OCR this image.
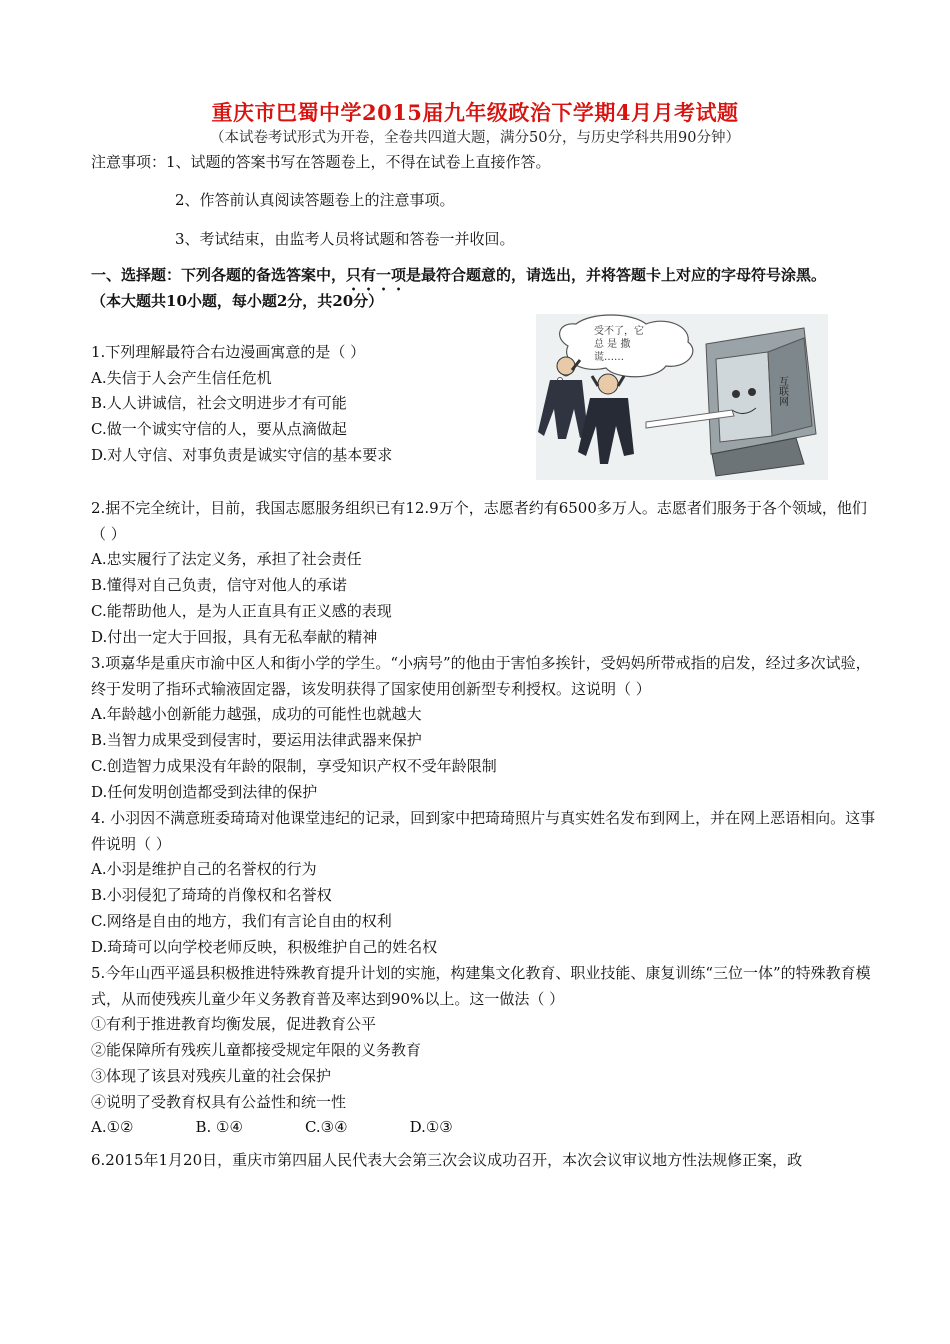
重庆市巴蜀中学2015届九年级政治下学期4月月考试题
（本试卷考试形式为开卷，全卷共四道大题，满分50分，与历史学科共用90分钟）
注意事项：1、试题的答案书写在答题卷上，不得在试卷上直接作答。
2、作答前认真阅读答题卷上的注意事项。
3、考试结束，由监考人员将试题和答卷一并收回。
一、选择题：下列各题的备选答案中，只有一项是最符合题意的，请选出，并将答题卡上对应的字母符号涂黑。
（本大题共10小题，每小题2分，共20分）
受不了，它
总 是 撒
谎……
互联网
1.下列理解最符合右边漫画寓意的是（ ）
A.失信于人会产生信任危机
B.人人讲诚信，社会文明进步才有可能
C.做一个诚实守信的人，要从点滴做起
D.对人守信、对事负责是诚实守信的基本要求
2.据不完全统计，目前，我国志愿服务组织已有12.9万个，志愿者约有6500多万人。志愿者们服务于各个领域，他们（ ）
A.忠实履行了法定义务，承担了社会责任
B.懂得对自己负责，信守对他人的承诺
C.能帮助他人，是为人正直具有正义感的表现
D.付出一定大于回报，具有无私奉献的精神
3.项嘉华是重庆市渝中区人和街小学的学生。“小病号”的他由于害怕多挨针，受妈妈所带戒指的启发，经过多次试验，终于发明了指环式输液固定器，该发明获得了国家使用创新型专利授权。这说明（ ）
A.年龄越小创新能力越强，成功的可能性也就越大
B.当智力成果受到侵害时，要运用法律武器来保护
C.创造智力成果没有年龄的限制，享受知识产权不受年龄限制
D.任何发明创造都受到法律的保护
4. 小羽因不满意班委琦琦对他课堂违纪的记录，回到家中把琦琦照片与真实姓名发布到网上，并在网上恶语相向。这事件说明（ ）
A.小羽是维护自己的名誉权的行为
B.小羽侵犯了琦琦的肖像权和名誉权
C.网络是自由的地方，我们有言论自由的权利
D.琦琦可以向学校老师反映，积极维护自己的姓名权
5.今年山西平遥县积极推进特殊教育提升计划的实施，构建集文化教育、职业技能、康复训练“三位一体”的特殊教育模式，从而使残疾儿童少年义务教育普及率达到90%以上。这一做法（ ）
①有利于推进教育均衡发展，促进教育公平
②能保障所有残疾儿童都接受规定年限的义务教育
③体现了该县对残疾儿童的社会保护
④说明了受教育权具有公益性和统一性
A.①②	B. ①④	C.③④	D.①③
6.2015年1月20日，重庆市第四届人民代表大会第三次会议成功召开，本次会议审议地方性法规修正案，政
